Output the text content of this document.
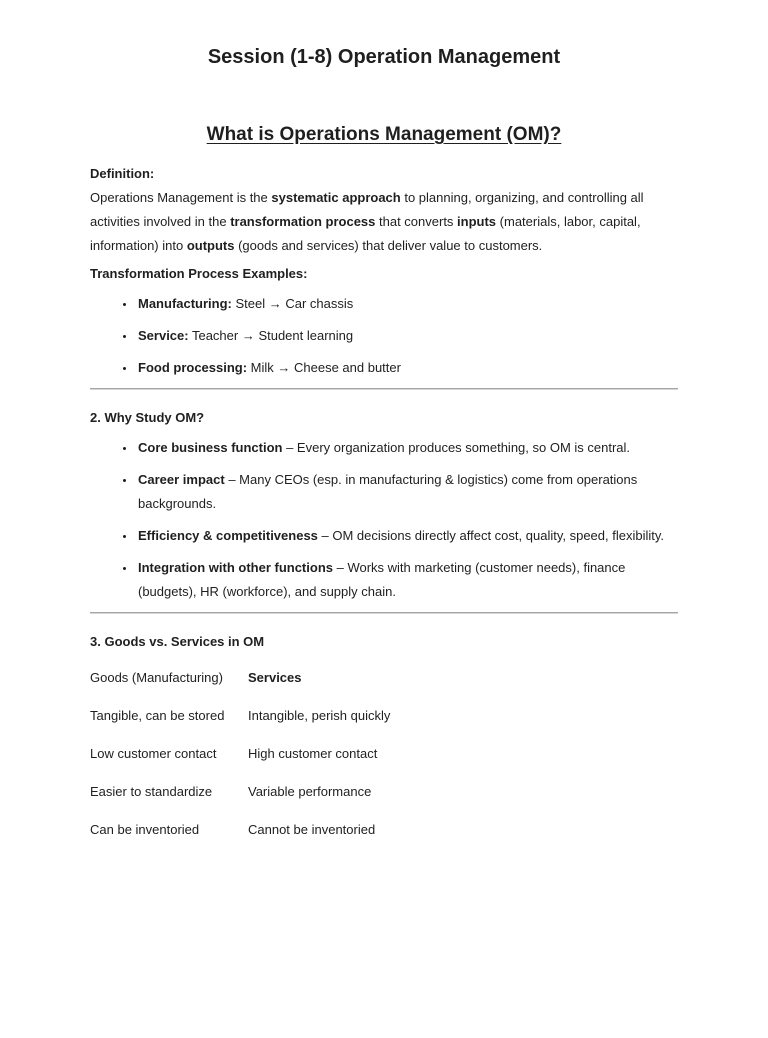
Session (1-8) Operation Management
What is Operations Management (OM)?
Definition:
Operations Management is the systematic approach to planning, organizing, and controlling all activities involved in the transformation process that converts inputs (materials, labor, capital, information) into outputs (goods and services) that deliver value to customers.
Transformation Process Examples:
• Manufacturing: Steel → Car chassis
• Service: Teacher → Student learning
• Food processing: Milk → Cheese and butter
2. Why Study OM?
• Core business function – Every organization produces something, so OM is central.
• Career impact – Many CEOs (esp. in manufacturing & logistics) come from operations backgrounds.
• Efficiency & competitiveness – OM decisions directly affect cost, quality, speed, flexibility.
• Integration with other functions – Works with marketing (customer needs), finance (budgets), HR (workforce), and supply chain.
3. Goods vs. Services in OM
Goods (Manufacturing)	Services
Tangible, can be stored	Intangible, perish quickly
Low customer contact	High customer contact
Easier to standardize	Variable performance
Can be inventoried	Cannot be inventoried
